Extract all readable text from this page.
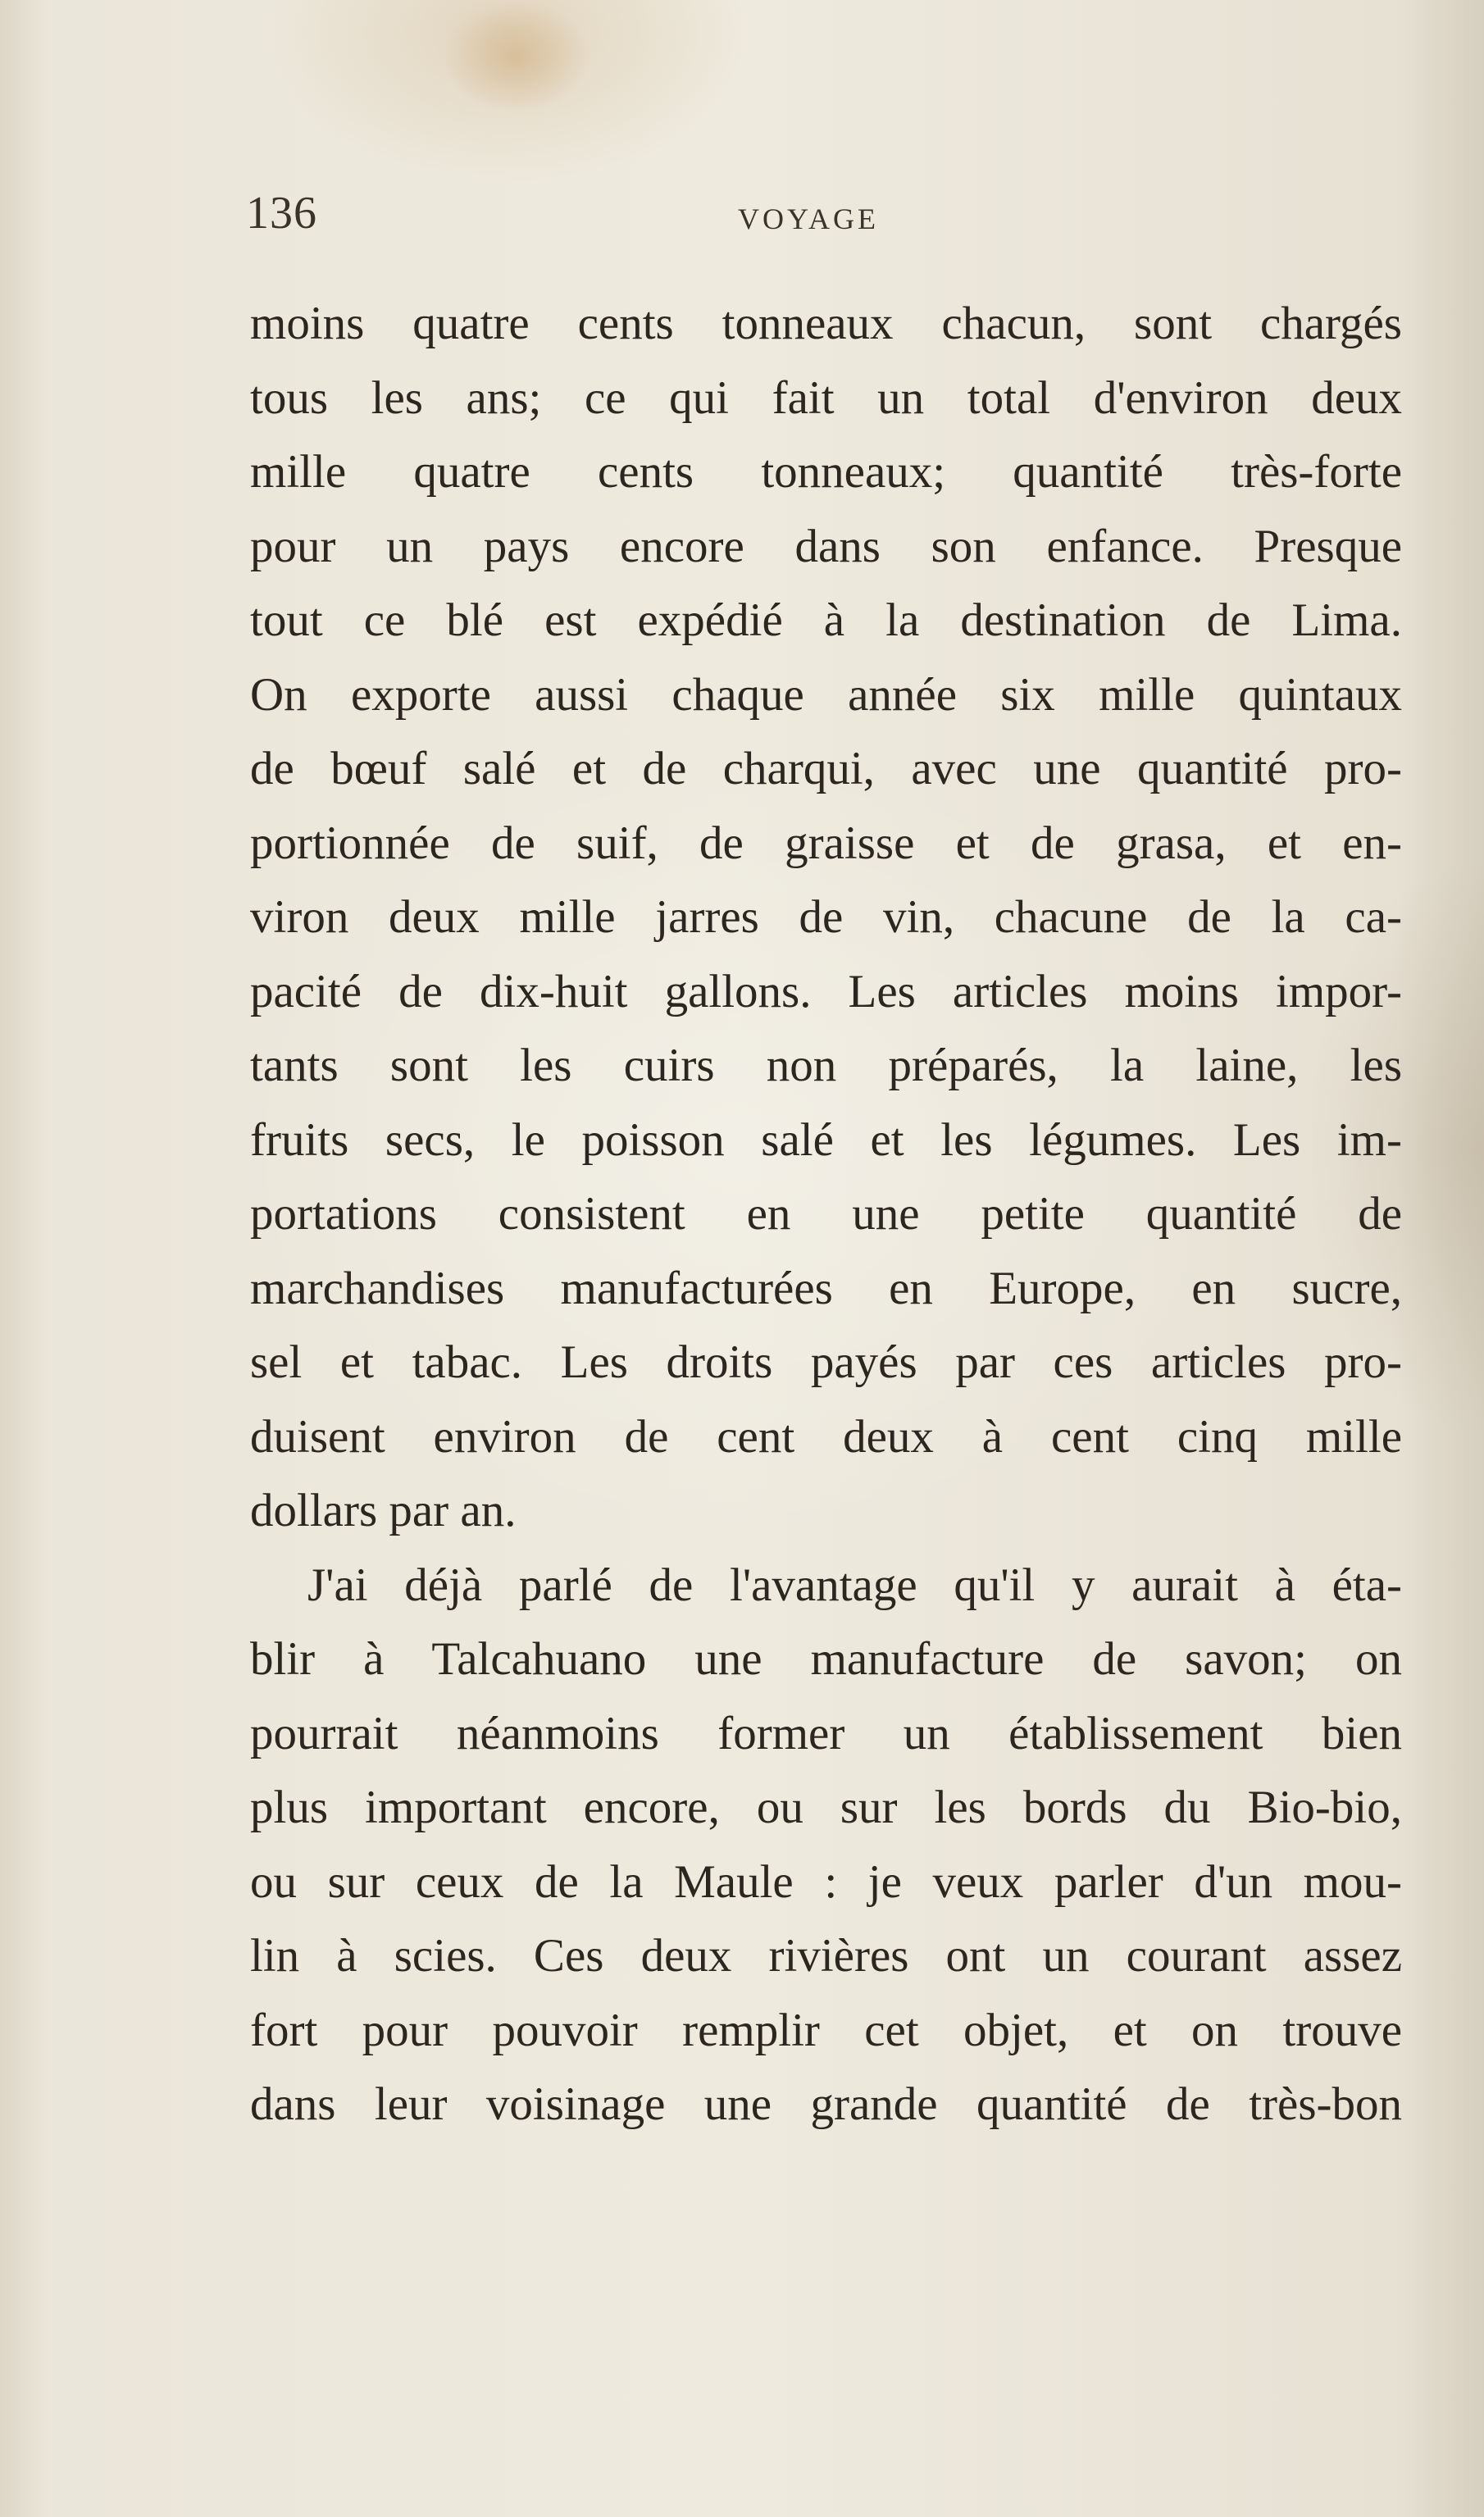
136	VOYAGE
moins quatre cents tonneaux chacun, sont chargés
tous les ans; ce qui fait un total d'environ deux
mille quatre cents tonneaux; quantité très-forte
pour un pays encore dans son enfance. Presque
tout ce blé est expédié à la destination de Lima.
On exporte aussi chaque année six mille quintaux
de bœuf salé et de charqui, avec une quantité pro-
portionnée de suif, de graisse et de grasa, et en-
viron deux mille jarres de vin, chacune de la ca-
pacité de dix-huit gallons. Les articles moins impor-
tants sont les cuirs non préparés, la laine, les
fruits secs, le poisson salé et les légumes. Les im-
portations consistent en une petite quantité de
marchandises manufacturées en Europe, en sucre,
sel et tabac. Les droits payés par ces articles pro-
duisent environ de cent deux à cent cinq mille
dollars par an.
J'ai déjà parlé de l'avantage qu'il y aurait à éta-
blir à Talcahuano une manufacture de savon; on
pourrait néanmoins former un établissement bien
plus important encore, ou sur les bords du Bio-bio,
ou sur ceux de la Maule : je veux parler d'un mou-
lin à scies. Ces deux rivières ont un courant assez
fort pour pouvoir remplir cet objet, et on trouve
dans leur voisinage une grande quantité de très-bon
